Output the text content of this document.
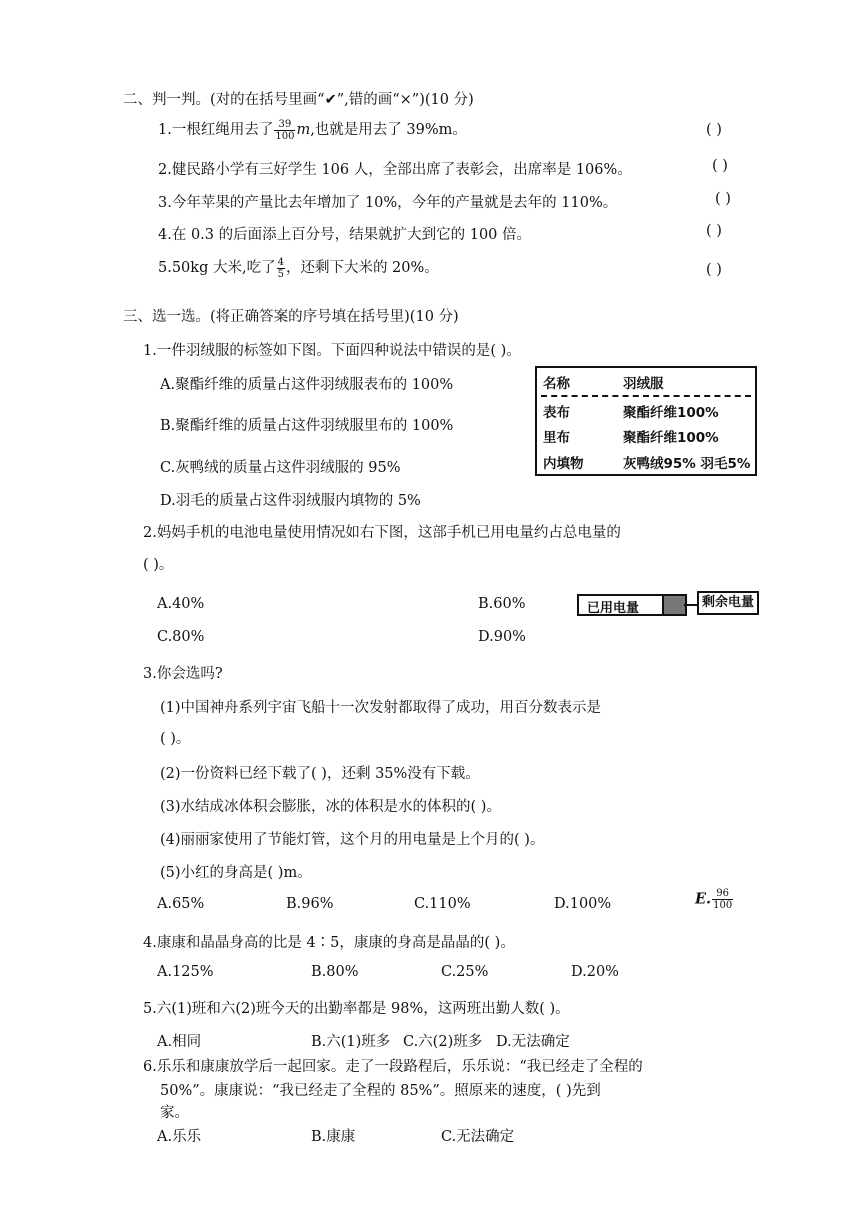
二、判一判。(对的在括号里画“✔”,错的画“×”)(10 分)
1.一根红绳用去了 $\frac{39}{100} m$,也就是用去了 39%m。	( )
2.健民路小学有三好学生 106 人，全部出席了表彰会，出席率是 106%。	( )
3.今年苹果的产量比去年增加了 10%，今年的产量就是去年的 110%。	( )
4.在 0.3 的后面添上百分号，结果就扩大到它的 100 倍。	( )
5.50kg 大米,吃了 $\frac{4}{5}$ ，还剩下大米的 20%。	( )
三、选一选。(将正确答案的序号填在括号里)(10 分)
1.一件羽绒服的标签如下图。下面四种说法中错误的是( )。
A.聚酯纤维的质量占这件羽绒服表布的 100%
B.聚酯纤维的质量占这件羽绒服里布的 100%
C.灰鸭绒的质量占这件羽绒服的 95%
D.羽毛的质量占这件羽绒服内填物的 5%
名称	羽绒服
表布	聚酯纤维100%
里布	聚酯纤维100%
内填物	灰鸭绒95% 羽毛5%
2.妈妈手机的电池电量使用情况如右下图，这部手机已用电量约占总电量的
( )。
A.40%	B.60%
C.80%	D.90%
已用电量	剩余电量
3.你会选吗?
(1)中国神舟系列宇宙飞船十一次发射都取得了成功，用百分数表示是
( )。
(2)一份资料已经下载了( )，还剩 35%没有下载。
(3)水结成冰体积会膨胀，冰的体积是水的体积的( )。
(4)丽丽家使用了节能灯管，这个月的用电量是上个月的( )。
(5)小红的身高是( )m。
A.65%	B.96%	C.110%	D.100%	E. $\frac{96}{100}$
4.康康和晶晶身高的比是 4∶5，康康的身高是晶晶的( )。
A.125%	B.80%	C.25%	D.20%
5.六(1)班和六(2)班今天的出勤率都是 98%，这两班出勤人数( )。
A.相同	B.六(1)班多 C.六(2)班多 D.无法确定
6.乐乐和康康放学后一起回家。走了一段路程后，乐乐说：“我已经走了全程的
50%”。康康说：“我已经走了全程的 85%”。照原来的速度，( )先到
家。
A.乐乐	B.康康	C.无法确定
